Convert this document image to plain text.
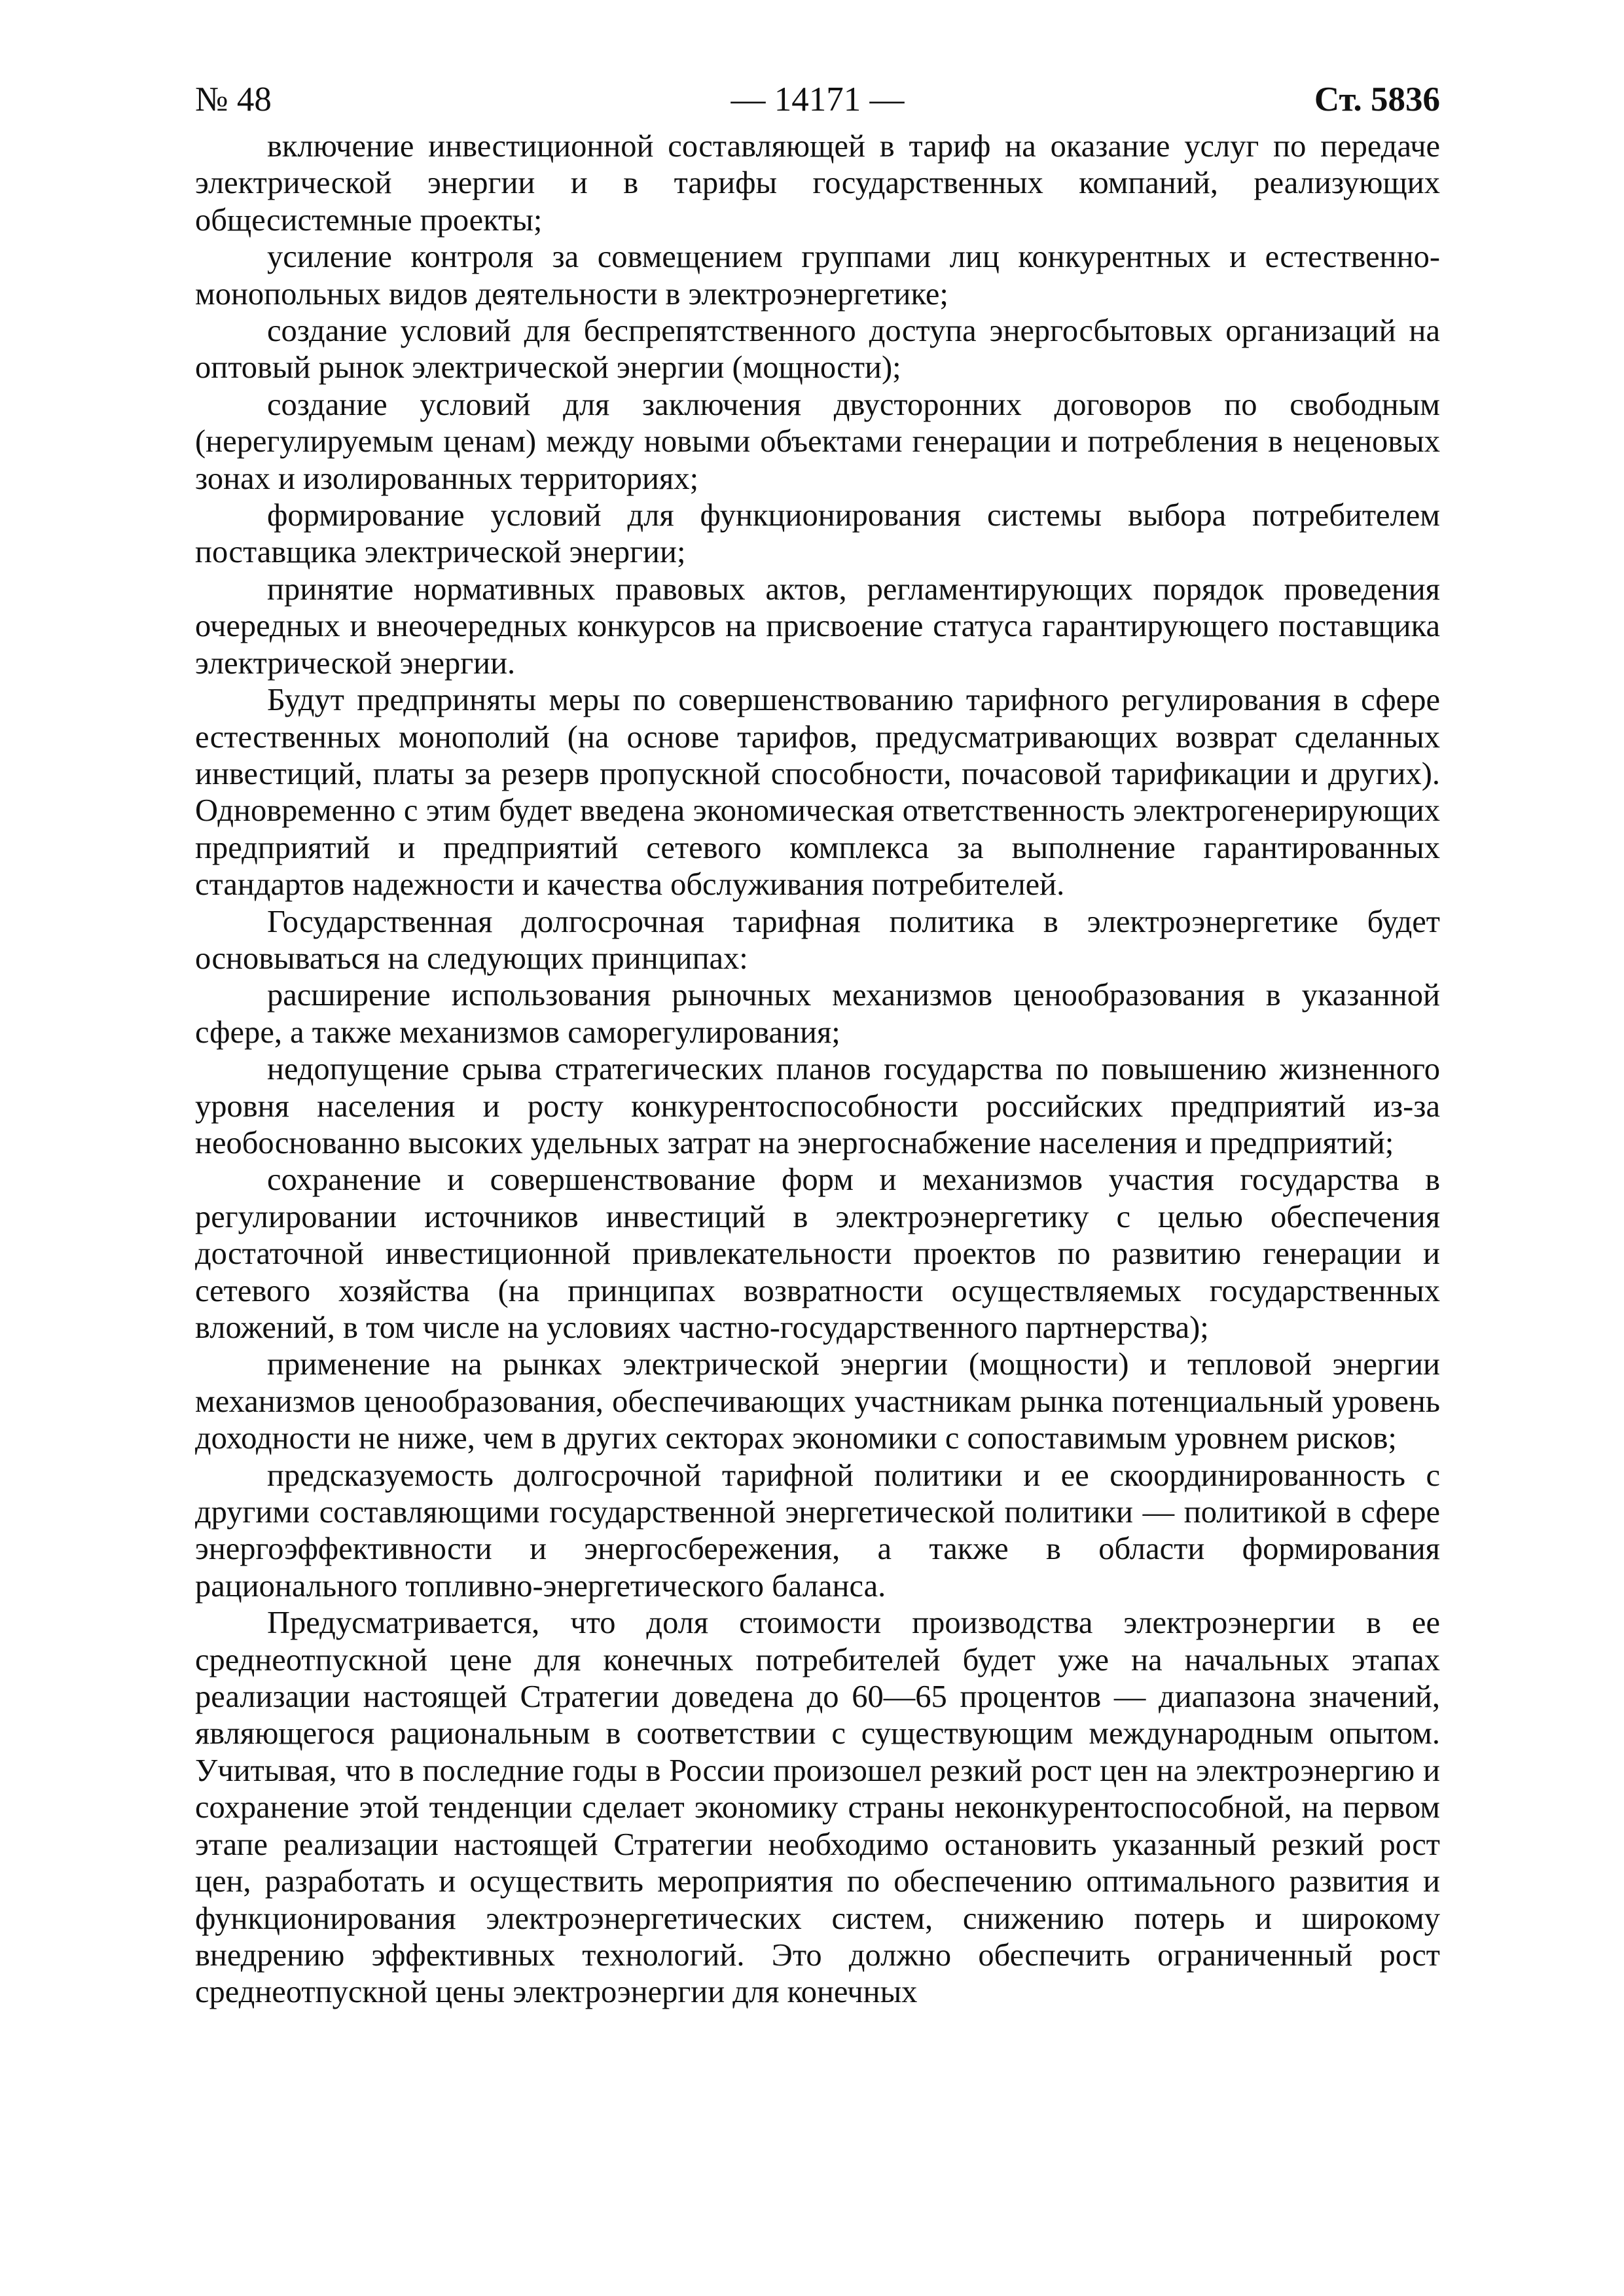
№ 48	— 14171 —	Ст. 5836

включение инвестиционной составляющей в тариф на оказание услуг по передаче электрической энергии и в тарифы государственных компаний, реализующих общесистемные проекты;

усиление контроля за совмещением группами лиц конкурентных и естественно-монопольных видов деятельности в электроэнергетике;

создание условий для беспрепятственного доступа энергосбытовых организаций на оптовый рынок электрической энергии (мощности);

создание условий для заключения двусторонних договоров по свободным (нерегулируемым ценам) между новыми объектами генерации и потребления в неценовых зонах и изолированных территориях;

формирование условий для функционирования системы выбора потребителем поставщика электрической энергии;

принятие нормативных правовых актов, регламентирующих порядок проведения очередных и внеочередных конкурсов на присвоение статуса гарантирующего поставщика электрической энергии.

Будут предприняты меры по совершенствованию тарифного регулирования в сфере естественных монополий (на основе тарифов, предусматривающих возврат сделанных инвестиций, платы за резерв пропускной способности, почасовой тарификации и других). Одновременно с этим будет введена экономическая ответственность электрогенерирующих предприятий и предприятий сетевого комплекса за выполнение гарантированных стандартов надежности и качества обслуживания потребителей.

Государственная долгосрочная тарифная политика в электроэнергетике будет основываться на следующих принципах:

расширение использования рыночных механизмов ценообразования в указанной сфере, а также механизмов саморегулирования;

недопущение срыва стратегических планов государства по повышению жизненного уровня населения и росту конкурентоспособности российских предприятий из-за необоснованно высоких удельных затрат на энергоснабжение населения и предприятий;

сохранение и совершенствование форм и механизмов участия государства в регулировании источников инвестиций в электроэнергетику с целью обеспечения достаточной инвестиционной привлекательности проектов по развитию генерации и сетевого хозяйства (на принципах возвратности осуществляемых государственных вложений, в том числе на условиях частно-государственного партнерства);

применение на рынках электрической энергии (мощности) и тепловой энергии механизмов ценообразования, обеспечивающих участникам рынка потенциальный уровень доходности не ниже, чем в других секторах экономики с сопоставимым уровнем рисков;

предсказуемость долгосрочной тарифной политики и ее скоординированность с другими составляющими государственной энергетической политики — политикой в сфере энергоэффективности и энергосбережения, а также в области формирования рационального топливно-энергетического баланса.

Предусматривается, что доля стоимости производства электроэнергии в ее среднеотпускной цене для конечных потребителей будет уже на начальных этапах реализации настоящей Стратегии доведена до 60—65 процентов — диапазона значений, являющегося рациональным в соответствии с существующим международным опытом. Учитывая, что в последние годы в России произошел резкий рост цен на электроэнергию и сохранение этой тенденции сделает экономику страны неконкурентоспособной, на первом этапе реализации настоящей Стратегии необходимо остановить указанный резкий рост цен, разработать и осуществить мероприятия по обеспечению оптимального развития и функционирования электроэнергетических систем, снижению потерь и широкому внедрению эффективных технологий. Это должно обеспечить ограниченный рост среднеотпускной цены электроэнергии для конечных
